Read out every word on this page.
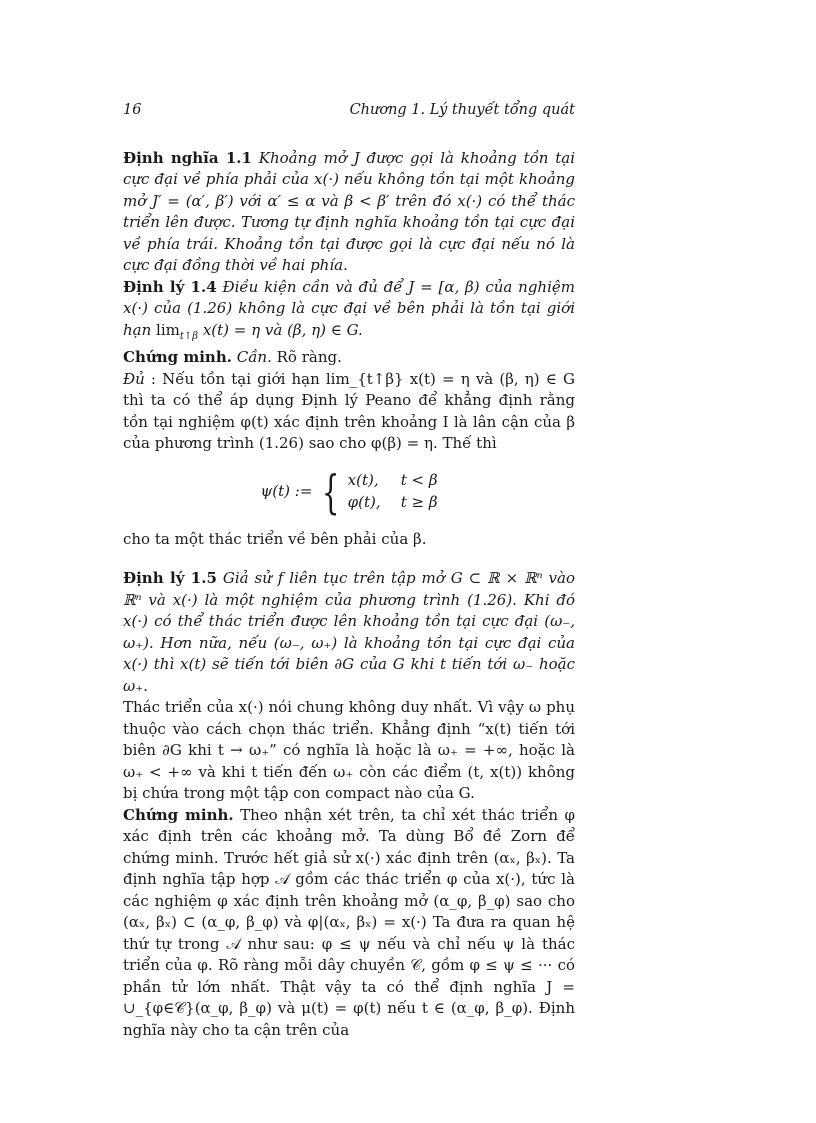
16	Chương 1. Lý thuyết tổng quát

Định nghĩa 1.1 Khoảng mở J được gọi là khoảng tồn tại cực đại về phía phải của x(·) nếu không tồn tại một khoảng mở J′ = (α′, β′) với α′ ≤ α và β < β′ trên đó x(·) có thể thác triển lên được. Tương tự định nghĩa khoảng tồn tại cực đại về phía trái. Khoảng tồn tại được gọi là cực đại nếu nó là cực đại đồng thời về hai phía.

Định lý 1.4 Điều kiện cần và đủ để J = [α, β) của nghiệm x(·) của (1.26) không là cực đại về bên phải là tồn tại giới hạn $\lim_{t↑\beta} x(t) = \eta$ và (β, η) ∈ G.

Chứng minh. Cần. Rõ ràng.

Đủ : Nếu tồn tại giới hạn lim_{t↑β} x(t) = η và (β, η) ∈ G thì ta có thể áp dụng Định lý Peano để khẳng định rằng tồn tại nghiệm φ(t) xác định trên khoảng I là lân cận của β của phương trình (1.26) sao cho φ(β) = η. Thế thì

ψ(t) := { x(t), t < β
φ(t), t ≥ β

cho ta một thác triển về bên phải của β.

Định lý 1.5 Giả sử f liên tục trên tập mở G ⊂ ℝ × ℝⁿ vào ℝⁿ và x(·) là một nghiệm của phương trình (1.26). Khi đó x(·) có thể thác triển được lên khoảng tồn tại cực đại (ω₋, ω₊). Hơn nữa, nếu (ω₋, ω₊) là khoảng tồn tại cực đại của x(·) thì x(t) sẽ tiến tới biên ∂G của G khi t tiến tới ω₋ hoặc ω₊.

Thác triển của x(·) nói chung không duy nhất. Vì vậy ω phụ thuộc vào cách chọn thác triển. Khẳng định “x(t) tiến tới biên ∂G khi t → ω₊” có nghĩa là hoặc là ω₊ = +∞, hoặc là ω₊ < +∞ và khi t tiến đến ω₊ còn các điểm (t, x(t)) không bị chứa trong một tập con compact nào của G.

Chứng minh. Theo nhận xét trên, ta chỉ xét thác triển φ xác định trên các khoảng mở. Ta dùng Bổ đề Zorn để chứng minh. Trước hết giả sử x(·) xác định trên (αₓ, βₓ). Ta định nghĩa tập hợp 𝒜 gồm các thác triển φ của x(·), tức là các nghiệm φ xác định trên khoảng mở (α_φ, β_φ) sao cho (αₓ, βₓ) ⊂ (α_φ, β_φ) và φ|(αₓ, βₓ) = x(·) Ta đưa ra quan hệ thứ tự trong 𝒜 như sau: φ ≤ ψ nếu và chỉ nếu ψ là thác triển của φ. Rõ ràng mỗi dây chuyền 𝒞, gồm φ ≤ ψ ≤ ··· có phần tử lớn nhất. Thật vậy ta có thể định nghĩa J = ∪_{φ∈𝒞}(α_φ, β_φ) và μ(t) = φ(t) nếu t ∈ (α_φ, β_φ). Định nghĩa này cho ta cận trên của
